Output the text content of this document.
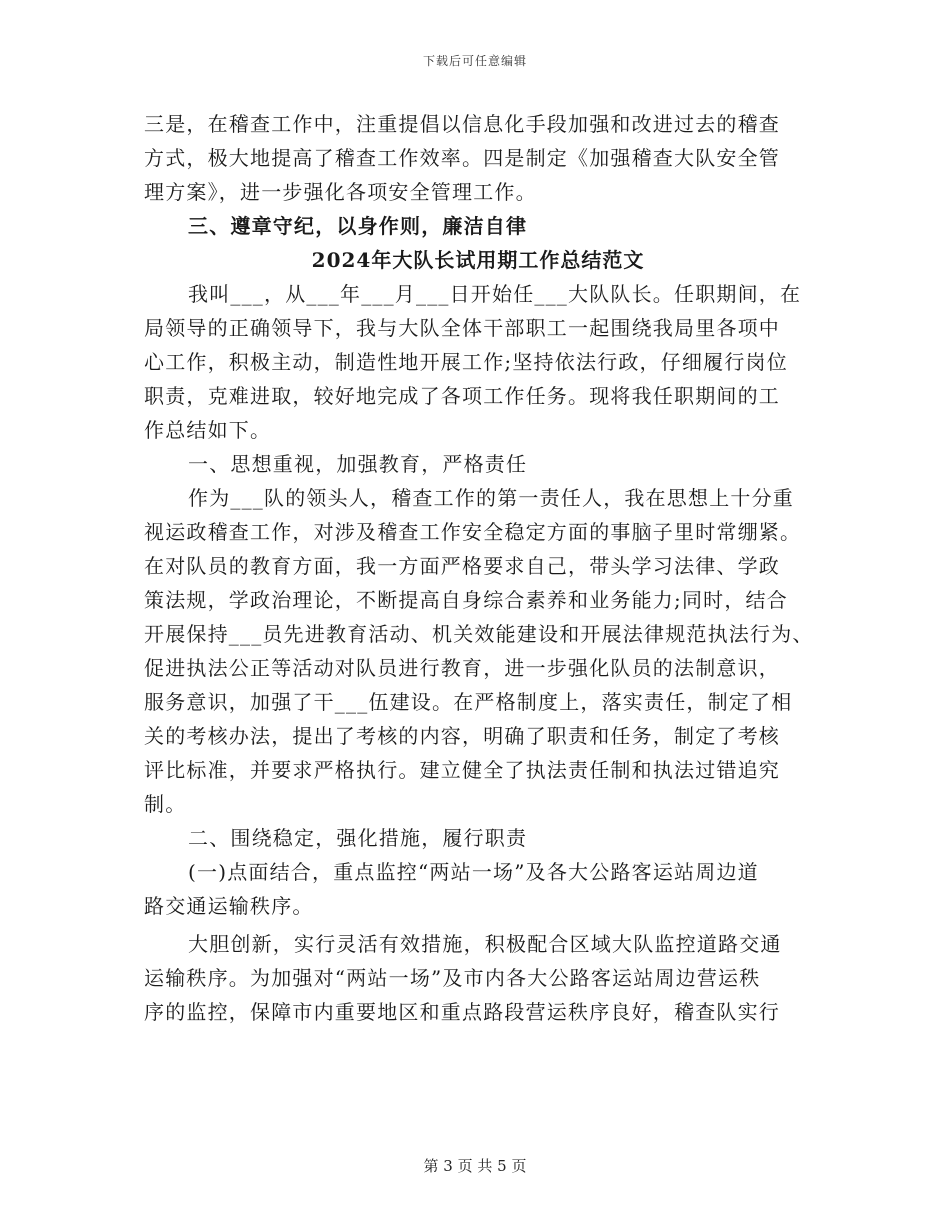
下载后可任意编辑
三是，在稽查工作中，注重提倡以信息化手段加强和改进过去的稽查
方式，极大地提高了稽查工作效率。四是制定《加强稽查大队安全管
理方案》，进一步强化各项安全管理工作。
三、遵章守纪，以身作则，廉洁自律
2024年大队长试用期工作总结范文
我叫___，从___年___月___日开始任___大队队长。任职期间，在
局领导的正确领导下，我与大队全体干部职工一起围绕我局里各项中
心工作，积极主动，制造性地开展工作;坚持依法行政，仔细履行岗位
职责，克难进取，较好地完成了各项工作任务。现将我任职期间的工
作总结如下。
一、思想重视，加强教育，严格责任
作为___队的领头人，稽查工作的第一责任人，我在思想上十分重
视运政稽查工作，对涉及稽查工作安全稳定方面的事脑子里时常绷紧。
在对队员的教育方面，我一方面严格要求自己，带头学习法律、学政
策法规，学政治理论，不断提高自身综合素养和业务能力;同时，结合
开展保持___员先进教育活动、机关效能建设和开展法律规范执法行为、
促进执法公正等活动对队员进行教育，进一步强化队员的法制意识，
服务意识，加强了干___伍建设。在严格制度上，落实责任，制定了相
关的考核办法，提出了考核的内容，明确了职责和任务，制定了考核
评比标准，并要求严格执行。建立健全了执法责任制和执法过错追究
制。
二、围绕稳定，强化措施，履行职责
(一)点面结合，重点监控“两站一场”及各大公路客运站周边道
路交通运输秩序。
大胆创新，实行灵活有效措施，积极配合区域大队监控道路交通
运输秩序。为加强对“两站一场”及市内各大公路客运站周边营运秩
序的监控，保障市内重要地区和重点路段营运秩序良好，稽查队实行
第 3 页 共 5 页
